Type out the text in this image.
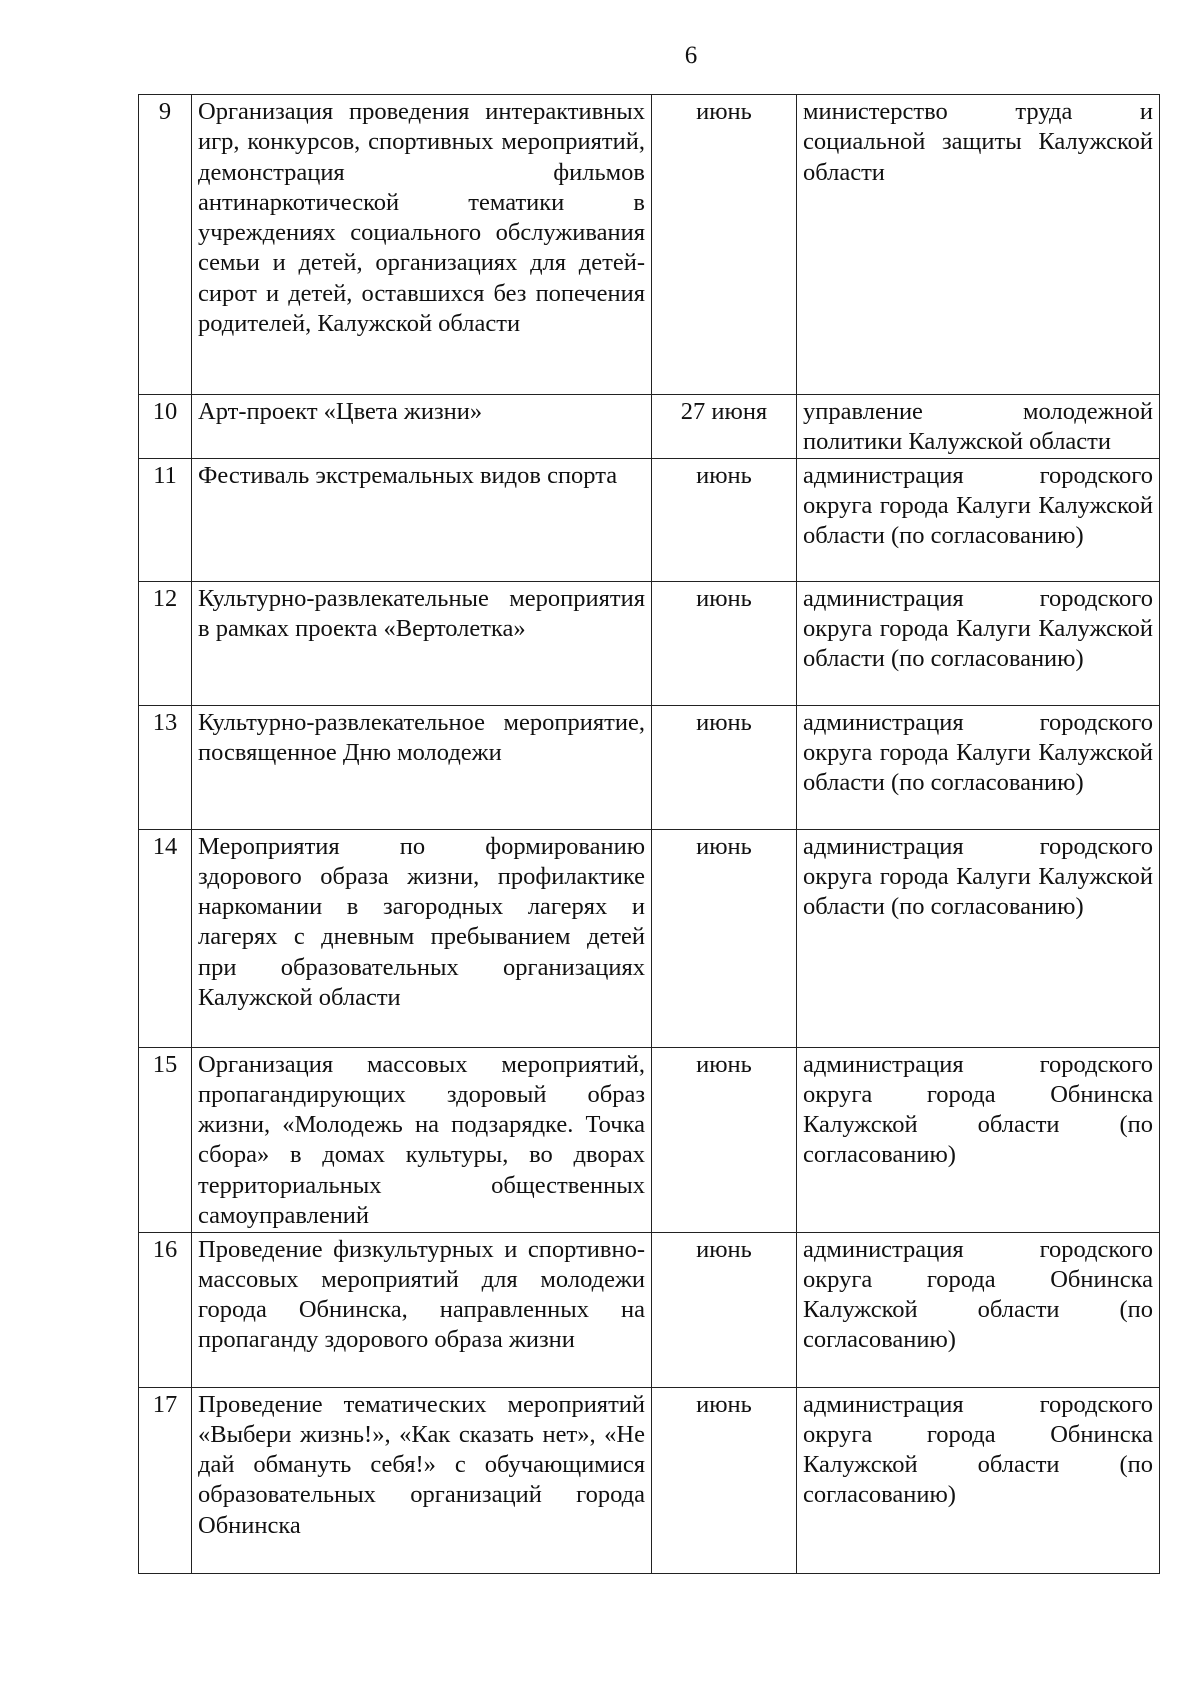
6
9	Организация проведения интерактивных игр, конкурсов, спортивных мероприятий, демонстрация фильмов антинаркотической тематики в учреждениях социального обслуживания семьи и детей, организациях для детей-сирот и детей, оставшихся без попечения родителей, Калужской области	июнь	министерство труда и социальной защиты Калужской области
10	Арт-проект «Цвета жизни»	27 июня	управление молодежной политики Калужской области
11	Фестиваль экстремальных видов спорта	июнь	администрация городского округа города Калуги Калужской области (по согласованию)
12	Культурно-развлекательные мероприятия в рамках проекта «Вертолетка»	июнь	администрация городского округа города Калуги Калужской области (по согласованию)
13	Культурно-развлекательное мероприятие, посвященное Дню молодежи	июнь	администрация городского округа города Калуги Калужской области (по согласованию)
14	Мероприятия по формированию здорового образа жизни, профилактике наркомании в загородных лагерях и лагерях с дневным пребыванием детей при образовательных организациях Калужской области	июнь	администрация городского округа города Калуги Калужской области (по согласованию)
15	Организация массовых мероприятий, пропагандирующих здоровый образ жизни, «Молодежь на подзарядке. Точка сбора» в домах культуры, во дворах территориальных общественных самоуправлений	июнь	администрация городского округа города Обнинска Калужской области (по согласованию)
16	Проведение физкультурных и спортивно-массовых мероприятий для молодежи города Обнинска, направленных на пропаганду здорового образа жизни	июнь	администрация городского округа города Обнинска Калужской области (по согласованию)
17	Проведение тематических мероприятий «Выбери жизнь!», «Как сказать нет», «Не дай обмануть себя!» с обучающимися образовательных организаций города Обнинска	июнь	администрация городского округа города Обнинска Калужской области (по согласованию)
